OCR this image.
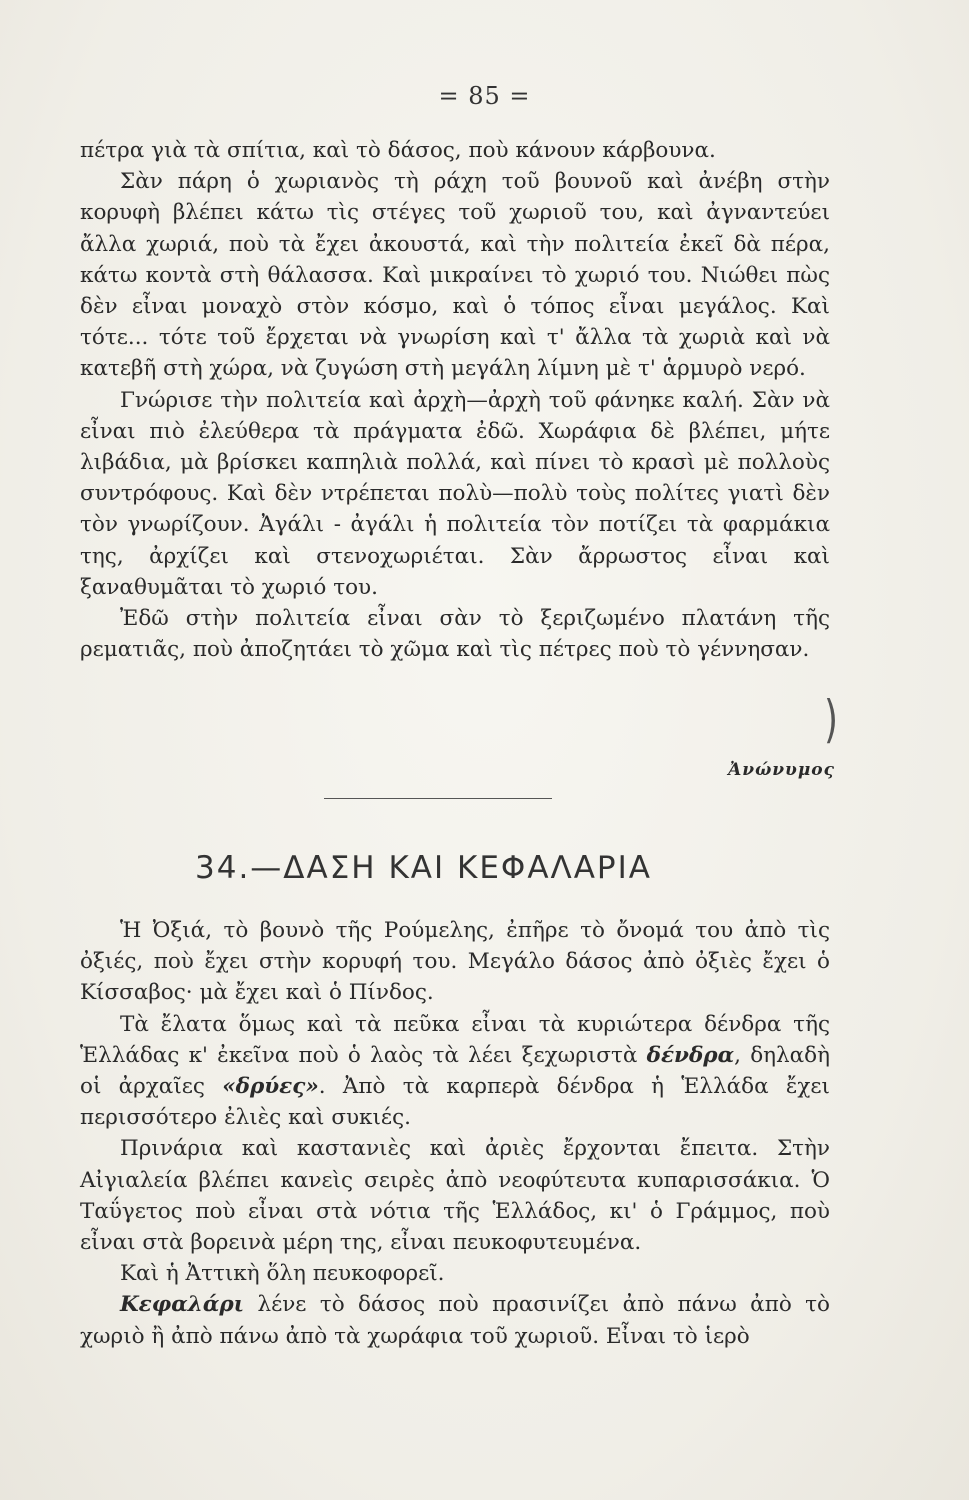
= 85 =

πέτρα γιὰ τὰ σπίτια, καὶ τὸ δάσος, ποὺ κάνουν κάρβουνα.

Σὰν πάρη ὁ χωριανὸς τὴ ράχη τοῦ βουνοῦ καὶ ἀνέβη στὴν κορυφὴ βλέπει κάτω τὶς στέγες τοῦ χωριοῦ του, καὶ ἀγναντεύει ἄλλα χωριά, ποὺ τὰ ἔχει ἀκουστά, καὶ τὴν πολιτεία ἐκεῖ δὰ πέρα, κάτω κοντὰ στὴ θάλασσα. Καὶ μικραίνει τὸ χωριό του. Νιώθει πὼς δὲν εἶναι μοναχὸ στὸν κόσμο, καὶ ὁ τόπος εἶναι μεγάλος. Καὶ τότε... τότε τοῦ ἔρχεται νὰ γνωρίση καὶ τ' ἄλλα τὰ χωριὰ καὶ νὰ κατεβῆ στὴ χώρα, νὰ ζυγώση στὴ μεγάλη λίμνη μὲ τ' ἁρμυρὸ νερό.

Γνώρισε τὴν πολιτεία καὶ ἀρχὴ—ἀρχὴ τοῦ φάνηκε καλή. Σὰν νὰ εἶναι πιὸ ἐλεύθερα τὰ πράγματα ἐδῶ. Χωράφια δὲ βλέπει, μήτε λιβάδια, μὰ βρίσκει καπηλιὰ πολλά, καὶ πίνει τὸ κρασὶ μὲ πολλοὺς συντρόφους. Καὶ δὲν ντρέπεται πολὺ—πολὺ τοὺς πολίτες γιατὶ δὲν τὸν γνωρίζουν. Ἀγάλι - ἀγάλι ἡ πολιτεία τὸν ποτίζει τὰ φαρμάκια της, ἀρχίζει καὶ στενοχωριέται. Σὰν ἄρρωστος εἶναι καὶ ξαναθυμᾶται τὸ χωριό του.

Ἐδῶ στὴν πολιτεία εἶναι σὰν τὸ ξεριζωμένο πλατάνη τῆς ρεματιᾶς, ποὺ ἀποζητάει τὸ χῶμα καὶ τὶς πέτρες ποὺ τὸ γέννησαν.

)
Ἀνώνυμος
34.—ΔΑΣΗ ΚΑΙ ΚΕΦΑΛΑΡΙΑ

Ἡ Ὀξιά, τὸ βουνὸ τῆς Ρούμελης, ἐπῆρε τὸ ὄνομά του ἀπὸ τὶς ὀξιές, ποὺ ἔχει στὴν κορυφή του. Μεγάλο δάσος ἀπὸ ὀξιὲς ἔχει ὁ Κίσσαβος· μὰ ἔχει καὶ ὁ Πίνδος.

Τὰ ἔλατα ὅμως καὶ τὰ πεῦκα εἶναι τὰ κυριώτερα δένδρα τῆς Ἑλλάδας κ' ἐκεῖνα ποὺ ὁ λαὸς τὰ λέει ξεχωριστὰ δένδρα, δηλαδὴ οἱ ἀρχαῖες «δρύες». Ἀπὸ τὰ καρπερὰ δένδρα ἡ Ἑλλάδα ἔχει περισσότερο ἐλιὲς καὶ συκιές.

Πρινάρια καὶ καστανιὲς καὶ ἀριὲς ἔρχονται ἔπειτα. Στὴν Αἰγιαλεία βλέπει κανεὶς σειρὲς ἀπὸ νεοφύτευτα κυπαρισσάκια. Ὁ Ταΰγετος ποὺ εἶναι στὰ νότια τῆς Ἑλλάδος, κι' ὁ Γράμμος, ποὺ εἶναι στὰ βορεινὰ μέρη της, εἶναι πευκοφυτευμένα.

Καὶ ἡ Ἀττικὴ ὅλη πευκοφορεῖ.

Κεφαλάρι λένε τὸ δάσος ποὺ πρασινίζει ἀπὸ πάνω ἀπὸ τὸ χωριὸ ἢ ἀπὸ πάνω ἀπὸ τὰ χωράφια τοῦ χωριοῦ. Εἶναι τὸ ἱερὸ
